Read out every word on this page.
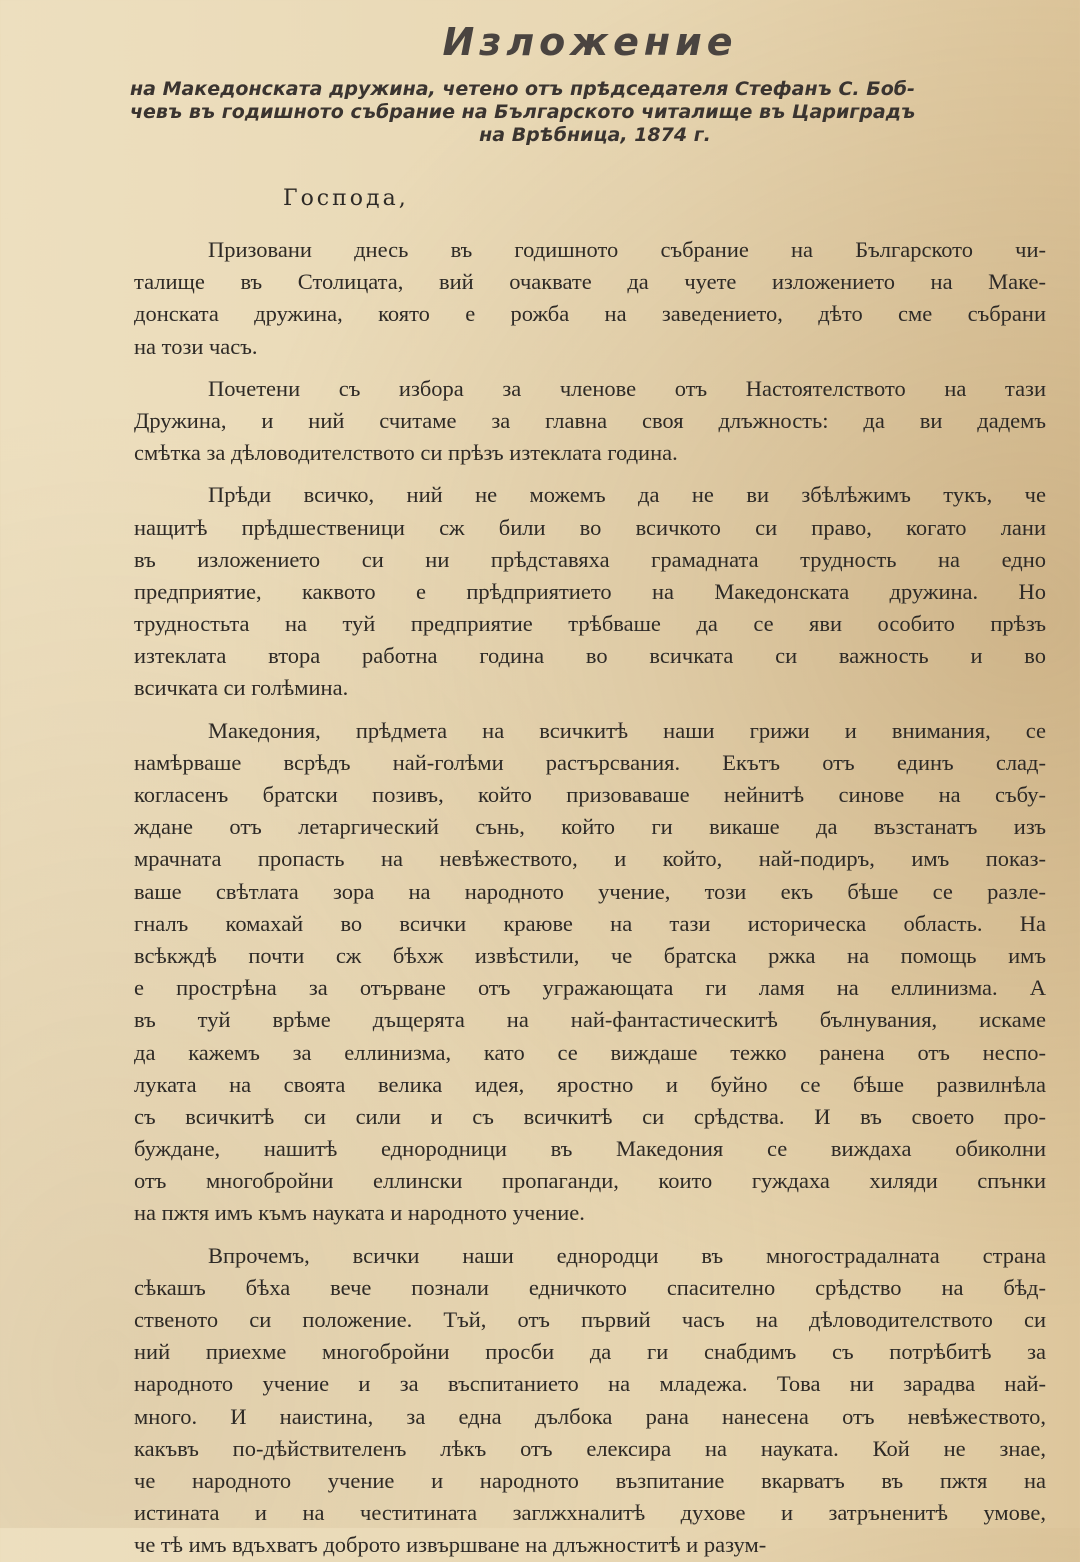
Изложение
на Македонската дружина, четено отъ прѣдседателя Стефанъ С. Боб-
чевъ въ годишното събрание на Българското читалище въ Цариградъ
на Врѣбница, 1874 г.

Господа,

Призовани днесь въ годишното събрание на Българското чи-
талище въ Столицата, вий очаквате да чуете изложението на Маке-
донската дружина, която е рожба на заведението, дѣто сме събрани
на този часъ.

Почетени съ избора за членове отъ Настоятелството на тази
Дружина, и ний считаме за главна своя длъжность: да ви дадемъ
смѣтка за дѣловодителството си прѣзъ изтеклата година.

Прѣди всичко, ний не можемъ да не ви збѣлѣжимъ тукъ, че
нащитѣ прѣдшественици сж били во всичкото си право, когато лани
въ изложението си ни прѣдставяха грамадната трудность на едно
предприятие, каквото е прѣдприятието на Македонската дружина. Но
трудностьта на туй предприятие трѣбваше да се яви особито прѣзъ
изтеклата втора работна година во всичката си важность и во
всичката си голѣмина.

Македония, прѣдмета на всичкитѣ наши грижи и внимания, се
намѣрваше всрѣдъ най-голѣми растърсвания. Екътъ отъ единъ слад-
когласенъ братски позивъ, който призоваваше нейнитѣ синове на събу-
ждане отъ летаргический сънь, който ги викаше да възстанатъ изъ
мрачната пропасть на невѣжеството, и който, най-подиръ, имъ показ-
ваше свѣтлата зора на народното учение, този екъ бѣше се разле-
гналъ комахай во всички краюве на тази историческа область. На
всѣкждѣ почти сж бѣхж извѣстили, че братска ржка на помощь имъ
е прострѣна за отърване отъ угражающата ги ламя на еллинизма. А
въ туй врѣме дъщерята на най-фантастическитѣ бълнувания, искаме
да кажемъ за еллинизма, като се виждаше тежко ранена отъ неспо-
луката на своята велика идея, яростно и буйно се бѣше развилнѣла
съ всичкитѣ си сили и съ всичкитѣ си срѣдства. И въ своето про-
буждане, нашитѣ еднородници въ Македония се виждаха обиколни
отъ многобройни еллински пропаганди, които гуждаха хиляди спънки
на пжтя имъ къмъ науката и народното учение.

Впрочемъ, всички наши еднородци въ многострадалната страна
сѣкашъ бѣха вече познали едничкото спасително срѣдство на бѣд-
ственото си положение. Тъй, отъ първий часъ на дѣловодителството си
ний приехме многобройни просби да ги снабдимъ съ потрѣбитѣ за
народното учение и за въспитанието на младежа. Това ни зарадва най-
много. И наистина, за една дълбока рана нанесена отъ невѣжеството,
какъвъ по-дѣйствителенъ лѣкъ отъ елексира на науката. Кой не знае,
че народното учение и народното възпитание вкарватъ въ пжтя на
истината и на честитината заглжхналитѣ духове и затръненитѣ умове,
че тѣ имъ вдъхватъ доброто извършване на длъжноститѣ и разум-
